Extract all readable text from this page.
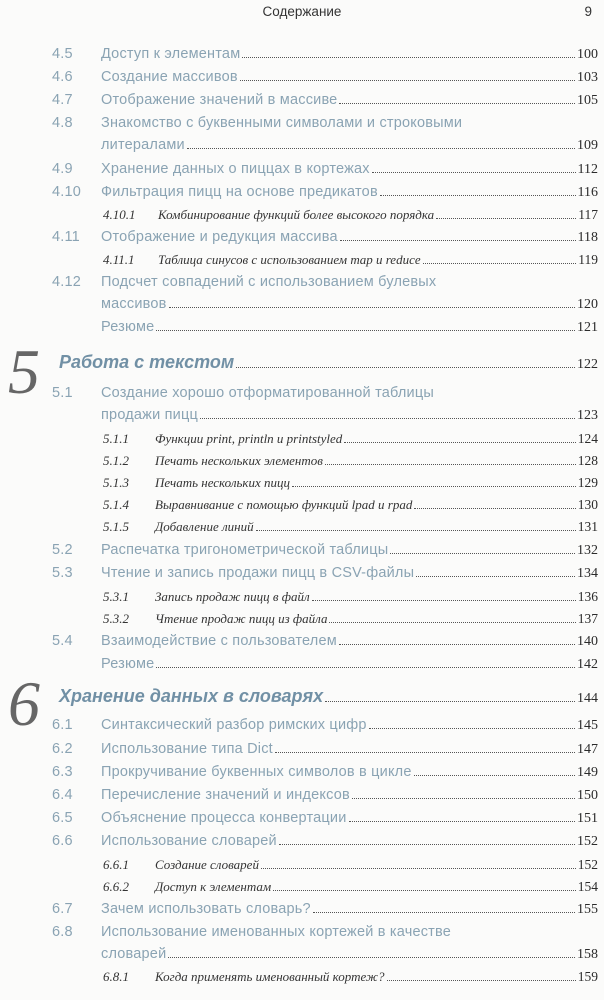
Содержание	9
4.5 Доступ к элементам	100
4.6 Создание массивов	103
4.7 Отображение значений в массиве	105
4.8 Знакомство с буквенными символами и строковыми
литералами	109
4.9 Хранение данных о пиццах в кортежах	112
4.10 Фильтрация пицц на основе предикатов	116
4.10.1 Комбинирование функций более высокого порядка	117
4.11 Отображение и редукция массива	118
4.11.1 Таблица синусов с использованием map и reduce	119
4.12 Подсчет совпадений с использованием булевых
массивов	120
Резюме	121
5 Работа с текстом	122
5.1 Создание хорошо отформатированной таблицы
продажи пицц	123
5.1.1 Функции print, println и printstyled	124
5.1.2 Печать нескольких элементов	128
5.1.3 Печать нескольких пицц	129
5.1.4 Выравнивание с помощью функций lpad и rpad	130
5.1.5 Добавление линий	131
5.2 Распечатка тригонометрической таблицы	132
5.3 Чтение и запись продажи пицц в CSV-файлы	134
5.3.1 Запись продаж пицц в файл	136
5.3.2 Чтение продаж пицц из файла	137
5.4 Взаимодействие с пользователем	140
Резюме	142
6 Хранение данных в словарях	144
6.1 Синтаксический разбор римских цифр	145
6.2 Использование типа Dict	147
6.3 Прокручивание буквенных символов в цикле	149
6.4 Перечисление значений и индексов	150
6.5 Объяснение процесса конвертации	151
6.6 Использование словарей	152
6.6.1 Создание словарей	152
6.6.2 Доступ к элементам	154
6.7 Зачем использовать словарь?	155
6.8 Использование именованных кортежей в качестве
словарей	158
6.8.1 Когда применять именованный кортеж?	159
